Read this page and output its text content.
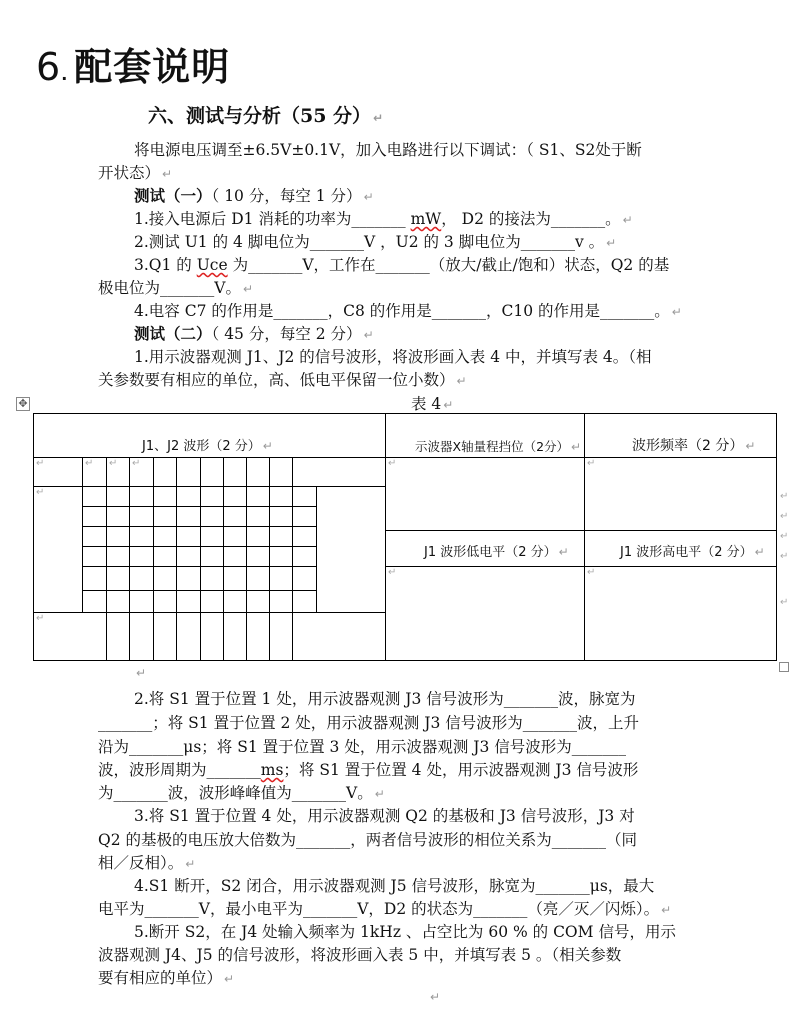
6. 配套说明
六、测试与分析（55 分） ↵
将电源电压调至±6.5V±0.1V，加入电路进行以下调试：（ S1、S2处于断
开状态） ↵
测试（一）（ 10 分，每空 1 分） ↵
1.接入电源后 D1 消耗的功率为_______ mW， D2 的接法为_______。 ↵
2.测试 U1 的 4 脚电位为_______V ，U2 的 3 脚电位为_______v 。 ↵
3.Q1 的 Uce 为_______V，工作在_______（放大/截止/饱和）状态，Q2 的基
极电位为_______V。 ↵
4.电容 C7 的作用是_______，C8 的作用是_______，C10 的作用是_______。 ↵
测试（二）（ 45 分，每空 2 分） ↵
1.用示波器观测 J1、J2 的信号波形，将波形画入表 4 中，并填写表 4。（相
关参数要有相应的单位，高、低电平保留一位小数） ↵
✥	表 4 ↵
J1、J2 波形（2 分） ↵	示波器X轴量程挡位（2分） ↵	波形频率（2 分） ↵
J1 波形低电平（2 分） ↵	J1 波形高电平（2 分） ↵
↵	↵ ↵ ↵
↵
↵
↵	↵
↵	↵
↵
↵
↵
↵
↵
↵
2.将 S1 置于位置 1 处，用示波器观测 J3 信号波形为_______波，脉宽为
_______；将 S1 置于位置 2 处，用示波器观测 J3 信号波形为_______波，上升
沿为_______μs；将 S1 置于位置 3 处，用示波器观测 J3 信号波形为_______
波，波形周期为_______ms；将 S1 置于位置 4 处，用示波器观测 J3 信号波形
为_______波，波形峰峰值为_______V。 ↵
3.将 S1 置于位置 4 处，用示波器观测 Q2 的基极和 J3 信号波形，J3 对
Q2 的基极的电压放大倍数为_______，两者信号波形的相位关系为_______（同
相／反相）。 ↵
4.S1 断开，S2 闭合，用示波器观测 J5 信号波形，脉宽为_______μs，最大
电平为_______V，最小电平为_______V，D2 的状态为_______（亮／灭／闪烁）。 ↵
5.断开 S2，在 J4 处输入频率为 1kHz 、占空比为 60 % 的 COM 信号，用示
波器观测 J4、J5 的信号波形，将波形画入表 5 中，并填写表 5 。（相关参数
要有相应的单位） ↵
↵
